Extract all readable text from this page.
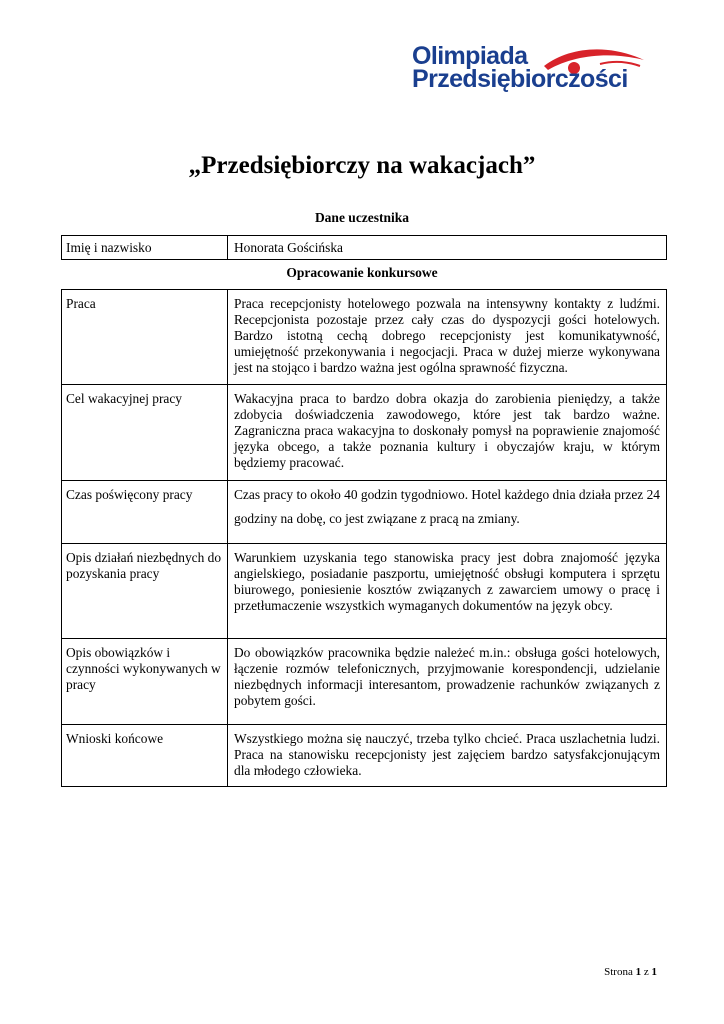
Olimpiada
Przedsiębiorczości
„Przedsiębiorczy na wakacjach”
Dane uczestnika
Imię i nazwisko	Honorata Gościńska
Opracowanie konkursowe
Praca	Praca recepcjonisty hotelowego pozwala na intensywny kontakty z ludźmi. Recepcjonista pozostaje przez cały czas do dyspozycji gości hotelowych. Bardzo istotną cechą dobrego recepcjonisty jest komunikatywność, umiejętność przekonywania i negocjacji. Praca w dużej mierze wykonywana jest na stojąco i bardzo ważna jest ogólna sprawność fizyczna.
Cel wakacyjnej pracy	Wakacyjna praca to bardzo dobra okazja do zarobienia pieniędzy, a także zdobycia doświadczenia zawodowego, które jest tak bardzo ważne. Zagraniczna praca wakacyjna to doskonały pomysł na poprawienie znajomość języka obcego, a także poznania kultury i obyczajów kraju, w którym będziemy pracować.
Czas poświęcony pracy	Czas pracy to około 40 godzin tygodniowo. Hotel każdego dnia działa przez 24 godziny na dobę, co jest związane z pracą na zmiany.

Opis działań niezbędnych do pozyskania pracy	Warunkiem uzyskania tego stanowiska pracy jest dobra znajomość języka angielskiego, posiadanie paszportu, umiejętność obsługi komputera i sprzętu biurowego, poniesienie kosztów związanych z zawarciem umowy o pracę i przetłumaczenie wszystkich wymaganych dokumentów na język obcy.
Opis obowiązków i czynności wykonywanych w pracy	Do obowiązków pracownika będzie należeć m.in.: obsługa gości hotelowych, łączenie rozmów telefonicznych, przyjmowanie korespondencji, udzielanie niezbędnych informacji interesantom, prowadzenie rachunków związanych z pobytem gości.
Wnioski końcowe	Wszystkiego można się nauczyć, trzeba tylko chcieć. Praca uszlachetnia ludzi. Praca na stanowisku recepcjonisty jest zajęciem bardzo satysfakcjonującym dla młodego człowieka.
Strona 1 z 1
